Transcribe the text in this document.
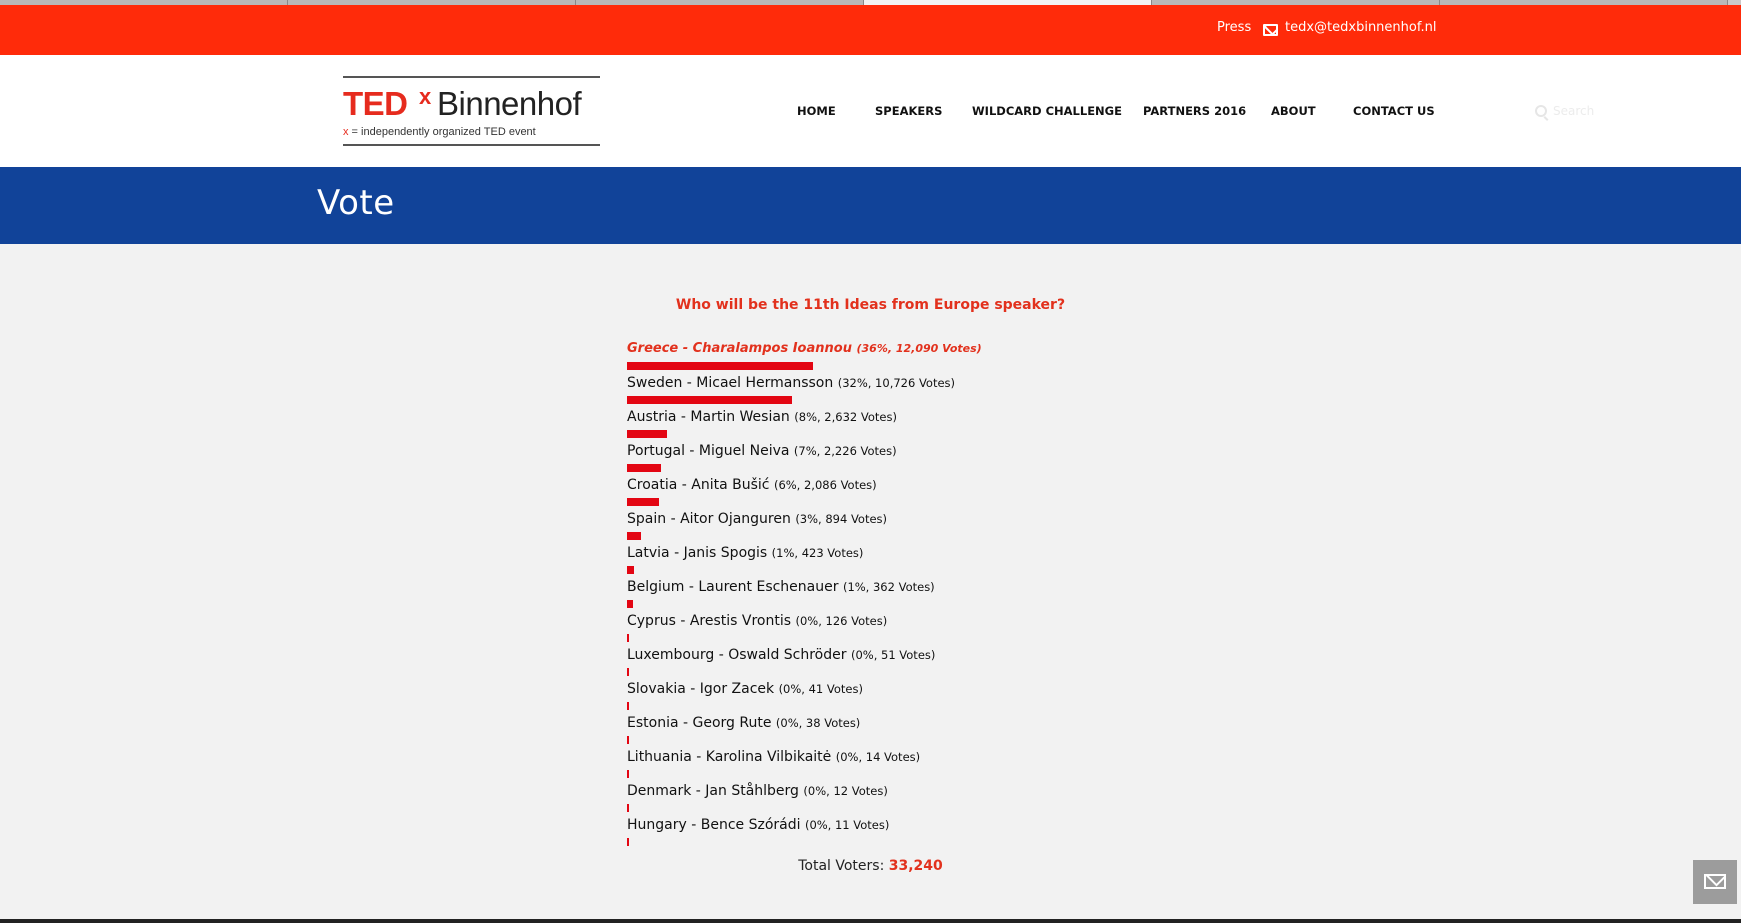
Press	tedx@tedxbinnenhof.nl
TED x Binnenhof
x = independently organized TED event
HOME	SPEAKERS	WILDCARD CHALLENGE PARTNERS 2016 ABOUT	CONTACT US
Search
Vote
Who will be the 11th Ideas from Europe speaker?
Greece - Charalampos Ioannou (36%, 12,090 Votes)
Sweden - Micael Hermansson (32%, 10,726 Votes)
Austria - Martin Wesian (8%, 2,632 Votes)
Portugal - Miguel Neiva (7%, 2,226 Votes)
Croatia - Anita Bušić (6%, 2,086 Votes)
Spain - Aitor Ojanguren (3%, 894 Votes)
Latvia - Janis Spogis (1%, 423 Votes)
Belgium - Laurent Eschenauer (1%, 362 Votes)
Cyprus - Arestis Vrontis (0%, 126 Votes)
Luxembourg - Oswald Schröder (0%, 51 Votes)
Slovakia - Igor Zacek (0%, 41 Votes)
Estonia - Georg Rute (0%, 38 Votes)
Lithuania - Karolina Vilbikaitė (0%, 14 Votes)
Denmark - Jan Ståhlberg (0%, 12 Votes)
Hungary - Bence Szórádi (0%, 11 Votes)
Total Voters: 33,240
